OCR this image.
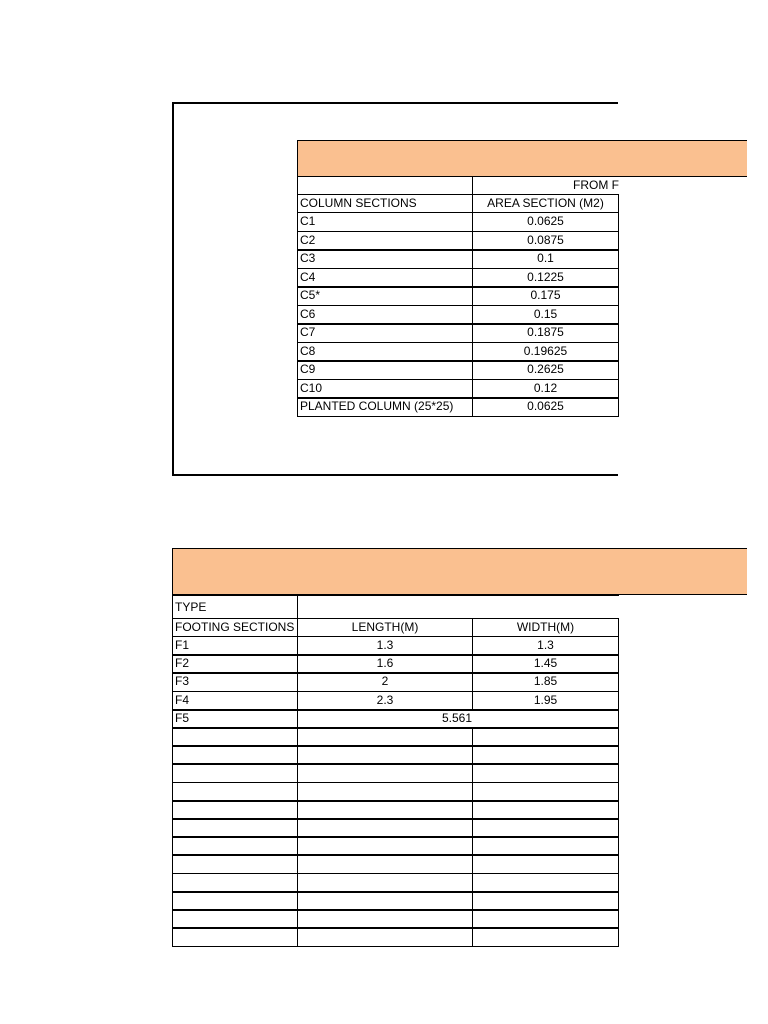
FROM F
COLUMN SECTIONS	AREA SECTION (M2)
C1	0.0625
C2	0.0875
C3	0.1
C4	0.1225
C5*	0.175
C6	0.15
C7	0.1875
C8	0.19625
C9	0.2625
C10	0.12
PLANTED COLUMN (25*25)	0.0625
TYPE
FOOTING SECTIONS	LENGTH(M)	WIDTH(M)
F1	1.3	1.3
F2	1.6	1.45
F3	2	1.85
F4	2.3	1.95
F5	5.561
